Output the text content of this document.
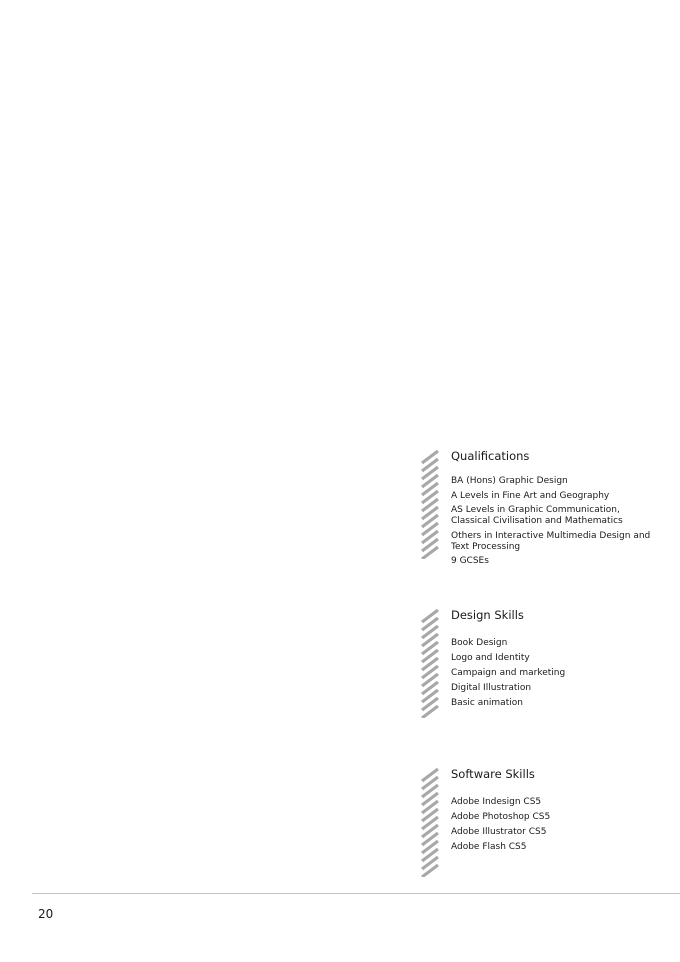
Qualifications
BA (Hons) Graphic Design
A Levels in Fine Art and Geography
AS Levels in Graphic Communication, Classical Civilisation and Mathematics
Others in Interactive Multimedia Design and Text Processing
9 GCSEs
Design Skills
Book Design
Logo and Identity
Campaign and marketing
Digital Illustration
Basic animation
Software Skills
Adobe Indesign CS5
Adobe Photoshop CS5
Adobe Illustrator CS5
Adobe Flash CS5
20
